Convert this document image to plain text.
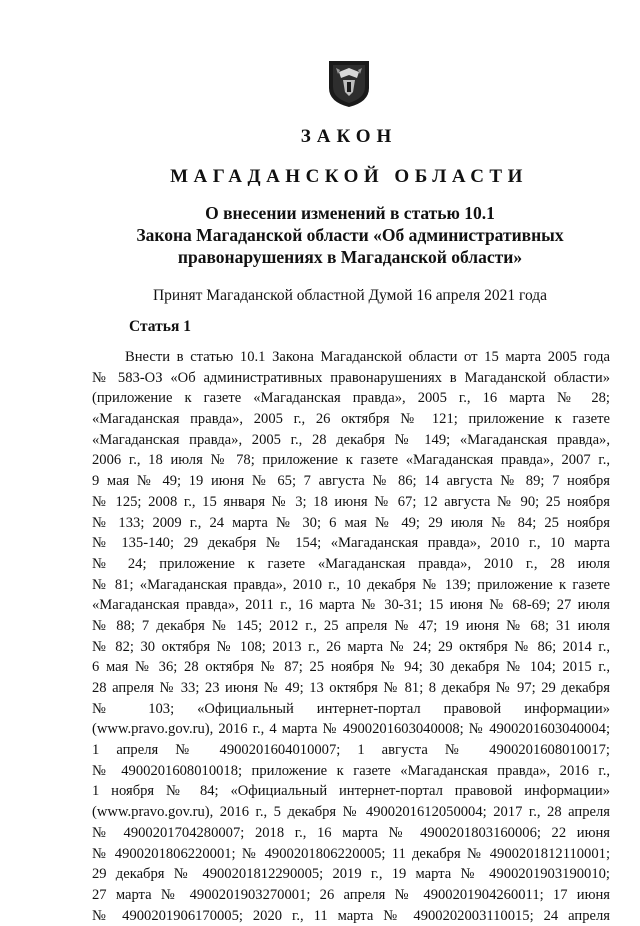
ЗАКОН
МАГАДАНСКОЙ ОБЛАСТИ
О внесении изменений в статью 10.1
Закона Магаданской области «Об административных
правонарушениях в Магаданской области»
Принят Магаданской областной Думой 16 апреля 2021 года
Статья 1
Внести в статью 10.1 Закона Магаданской области от 15 марта 2005 года
№ 583-ОЗ «Об административных правонарушениях в Магаданской области»
(приложение к газете «Магаданская правда», 2005 г., 16 марта № 28;
«Магаданская правда», 2005 г., 26 октября № 121; приложение к газете
«Магаданская правда», 2005 г., 28 декабря № 149; «Магаданская правда»,
2006 г., 18 июля № 78; приложение к газете «Магаданская правда», 2007 г.,
9 мая № 49; 19 июня № 65; 7 августа № 86; 14 августа № 89; 7 ноября
№ 125; 2008 г., 15 января № 3; 18 июня № 67; 12 августа № 90; 25 ноября
№ 133; 2009 г., 24 марта № 30; 6 мая № 49; 29 июля № 84; 25 ноября
№ 135-140; 29 декабря № 154; «Магаданская правда», 2010 г., 10 марта
№ 24; приложение к газете «Магаданская правда», 2010 г., 28 июля
№ 81; «Магаданская правда», 2010 г., 10 декабря № 139; приложение к газете
«Магаданская правда», 2011 г., 16 марта № 30-31; 15 июня № 68-69; 27 июля
№ 88; 7 декабря № 145; 2012 г., 25 апреля № 47; 19 июня № 68; 31 июля
№ 82; 30 октября № 108; 2013 г., 26 марта № 24; 29 октября № 86; 2014 г.,
6 мая № 36; 28 октября № 87; 25 ноября № 94; 30 декабря № 104; 2015 г.,
28 апреля № 33; 23 июня № 49; 13 октября № 81; 8 декабря № 97; 29 декабря
№ 103; «Официальный интернет-портал правовой информации»
(www.pravo.gov.ru), 2016 г., 4 марта № 4900201603040008; № 4900201603040004;
1 апреля № 4900201604010007; 1 августа № 4900201608010017;
№ 4900201608010018; приложение к газете «Магаданская правда», 2016 г.,
1 ноября № 84; «Официальный интернет-портал правовой информации»
(www.pravo.gov.ru), 2016 г., 5 декабря № 4900201612050004; 2017 г., 28 апреля
№ 4900201704280007; 2018 г., 16 марта № 4900201803160006; 22 июня
№ 4900201806220001; № 4900201806220005; 11 декабря № 4900201812110001;
29 декабря № 4900201812290005; 2019 г., 19 марта № 4900201903190010;
27 марта № 4900201903270001; 26 апреля № 4900201904260011; 17 июня
№ 4900201906170005; 2020 г., 11 марта № 4900202003110015; 24 апреля
